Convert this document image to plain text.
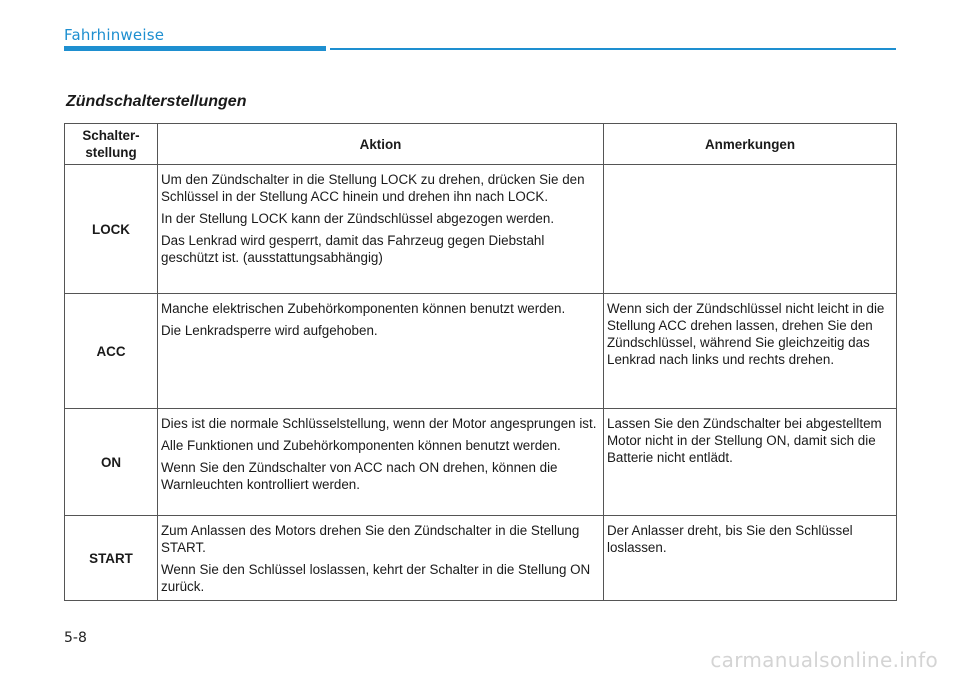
Fahrhinweise
Zündschalterstellungen
Schalter-stellung	Aktion	Anmerkungen
LOCK	Um den Zündschalter in die Stellung LOCK zu drehen, drücken Sie den Schlüssel in der Stellung ACC hinein und drehen ihn nach LOCK.

In der Stellung LOCK kann der Zündschlüssel abgezogen werden.

Das Lenkrad wird gesperrt, damit das Fahrzeug gegen Diebstahl geschützt ist. (ausstattungsabhängig)	

ACC	Manche elektrischen Zubehörkomponenten können benutzt werden.

Die Lenkradsperre wird aufgehoben.	Wenn sich der Zündschlüssel nicht leicht in die Stellung ACC drehen lassen, drehen Sie den Zündschlüssel, während Sie gleichzeitig das Lenkrad nach links und rechts drehen.
ON	Dies ist die normale Schlüsselstellung, wenn der Motor angesprungen ist.

Alle Funktionen und Zubehörkomponenten können benutzt werden.

Wenn Sie den Zündschalter von ACC nach ON drehen, können die Warnleuchten kontrolliert werden.	Lassen Sie den Zündschalter bei abgestelltem Motor nicht in der Stellung ON, damit sich die Batterie nicht entlädt.
START	Zum Anlassen des Motors drehen Sie den Zündschalter in die Stellung START.

Wenn Sie den Schlüssel loslassen, kehrt der Schalter in die Stellung ON zurück.	Der Anlasser dreht, bis Sie den Schlüssel loslassen.
5-8
carmanualsonline.info
